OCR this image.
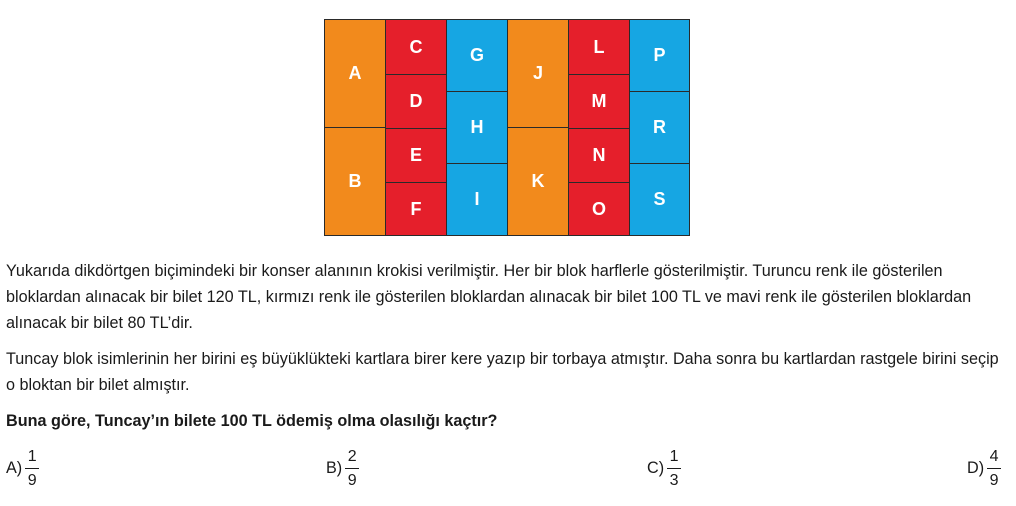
A
B
C
D
E
F
G
H
I
J
K
L
M
N
O
P
R
S
Yukarıda dikdörtgen biçimindeki bir konser alanının krokisi verilmiştir. Her bir blok harflerle gösterilmiştir. Turuncu renk ile gösterilen bloklardan alınacak bir bilet 120 TL, kırmızı renk ile gösterilen bloklardan alınacak bir bilet 100 TL ve mavi renk ile gösterilen bloklardan alınacak bir bilet 80 TL’dir.
Tuncay blok isimlerinin her birini eş büyüklükteki kartlara birer kere yazıp bir torbaya atmıştır. Daha sonra bu kartlardan rastgele birini seçip o bloktan bir bilet almıştır.
Buna göre, Tuncay’ın bilete 100 TL ödemiş olma olasılığı kaçtır?
$A) \frac{1}{9}$	$B) \frac{2}{9}$	$C) \frac{1}{3}$	$D) \frac{4}{9}$
